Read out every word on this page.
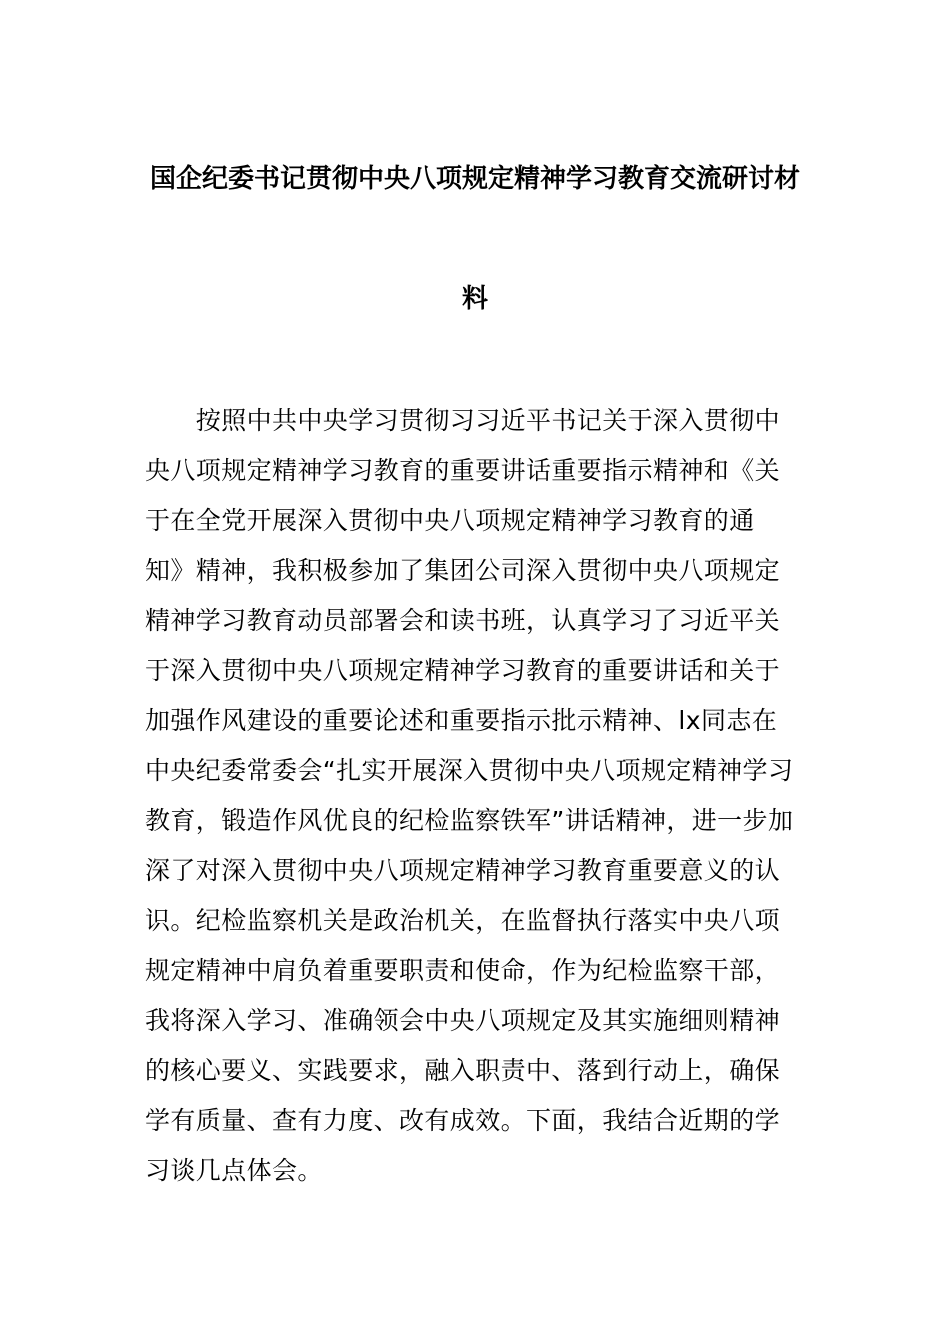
国企纪委书记贯彻中央八项规定精神学习教育交流研讨材
料
　　按照中共中央学习贯彻习习近平书记关于深入贯彻中
央八项规定精神学习教育的重要讲话重要指示精神和《关
于在全党开展深入贯彻中央八项规定精神学习教育的通
知》精神，我积极参加了集团公司深入贯彻中央八项规定
精神学习教育动员部署会和读书班，认真学习了习近平关
于深入贯彻中央八项规定精神学习教育的重要讲话和关于
加强作风建设的重要论述和重要指示批示精神、lx同志在
中央纪委常委会“扎实开展深入贯彻中央八项规定精神学习
教育，锻造作风优良的纪检监察铁军”讲话精神，进一步加
深了对深入贯彻中央八项规定精神学习教育重要意义的认
识。纪检监察机关是政治机关，在监督执行落实中央八项
规定精神中肩负着重要职责和使命，作为纪检监察干部，
我将深入学习、准确领会中央八项规定及其实施细则精神
的核心要义、实践要求，融入职责中、落到行动上，确保
学有质量、查有力度、改有成效。下面，我结合近期的学
习谈几点体会。
